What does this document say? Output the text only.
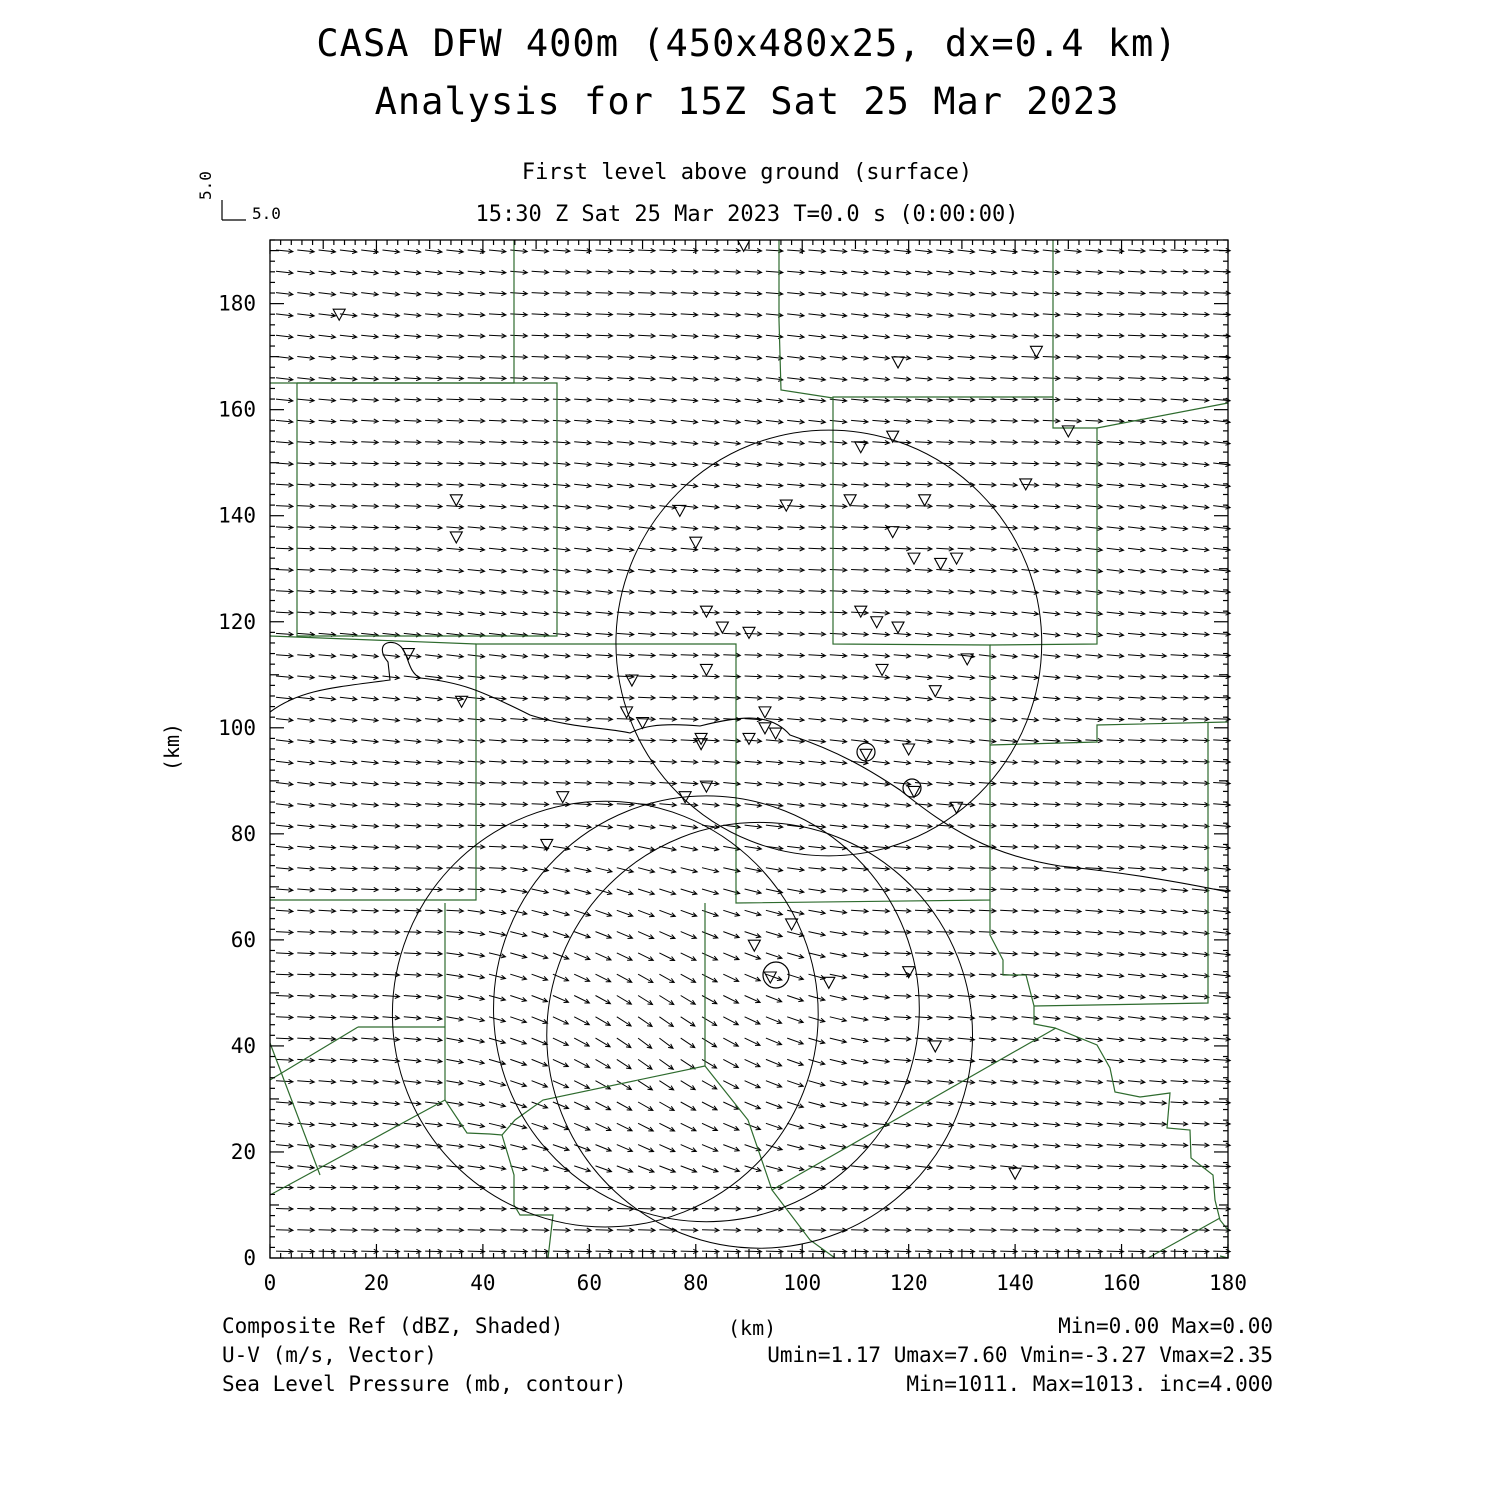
CASA DFW 400m (450x480x25, dx=0.4 km)
Analysis for 15Z Sat 25 Mar 2023
First level above ground (surface)
15:30 Z Sat 25 Mar 2023 T=0.0 s (0:00:00)
5.0
5.0
0	20	40	60	80	100	120	140	160	180
0
20
40
60
80
100
120
140
160
180
(km)
(km)
Composite Ref (dBZ, Shaded)
U-V (m/s, Vector)
Sea Level Pressure (mb, contour)
Min=0.00 Max=0.00
Umin=1.17 Umax=7.60 Vmin=-3.27 Vmax=2.35
Min=1011. Max=1013. inc=4.000
